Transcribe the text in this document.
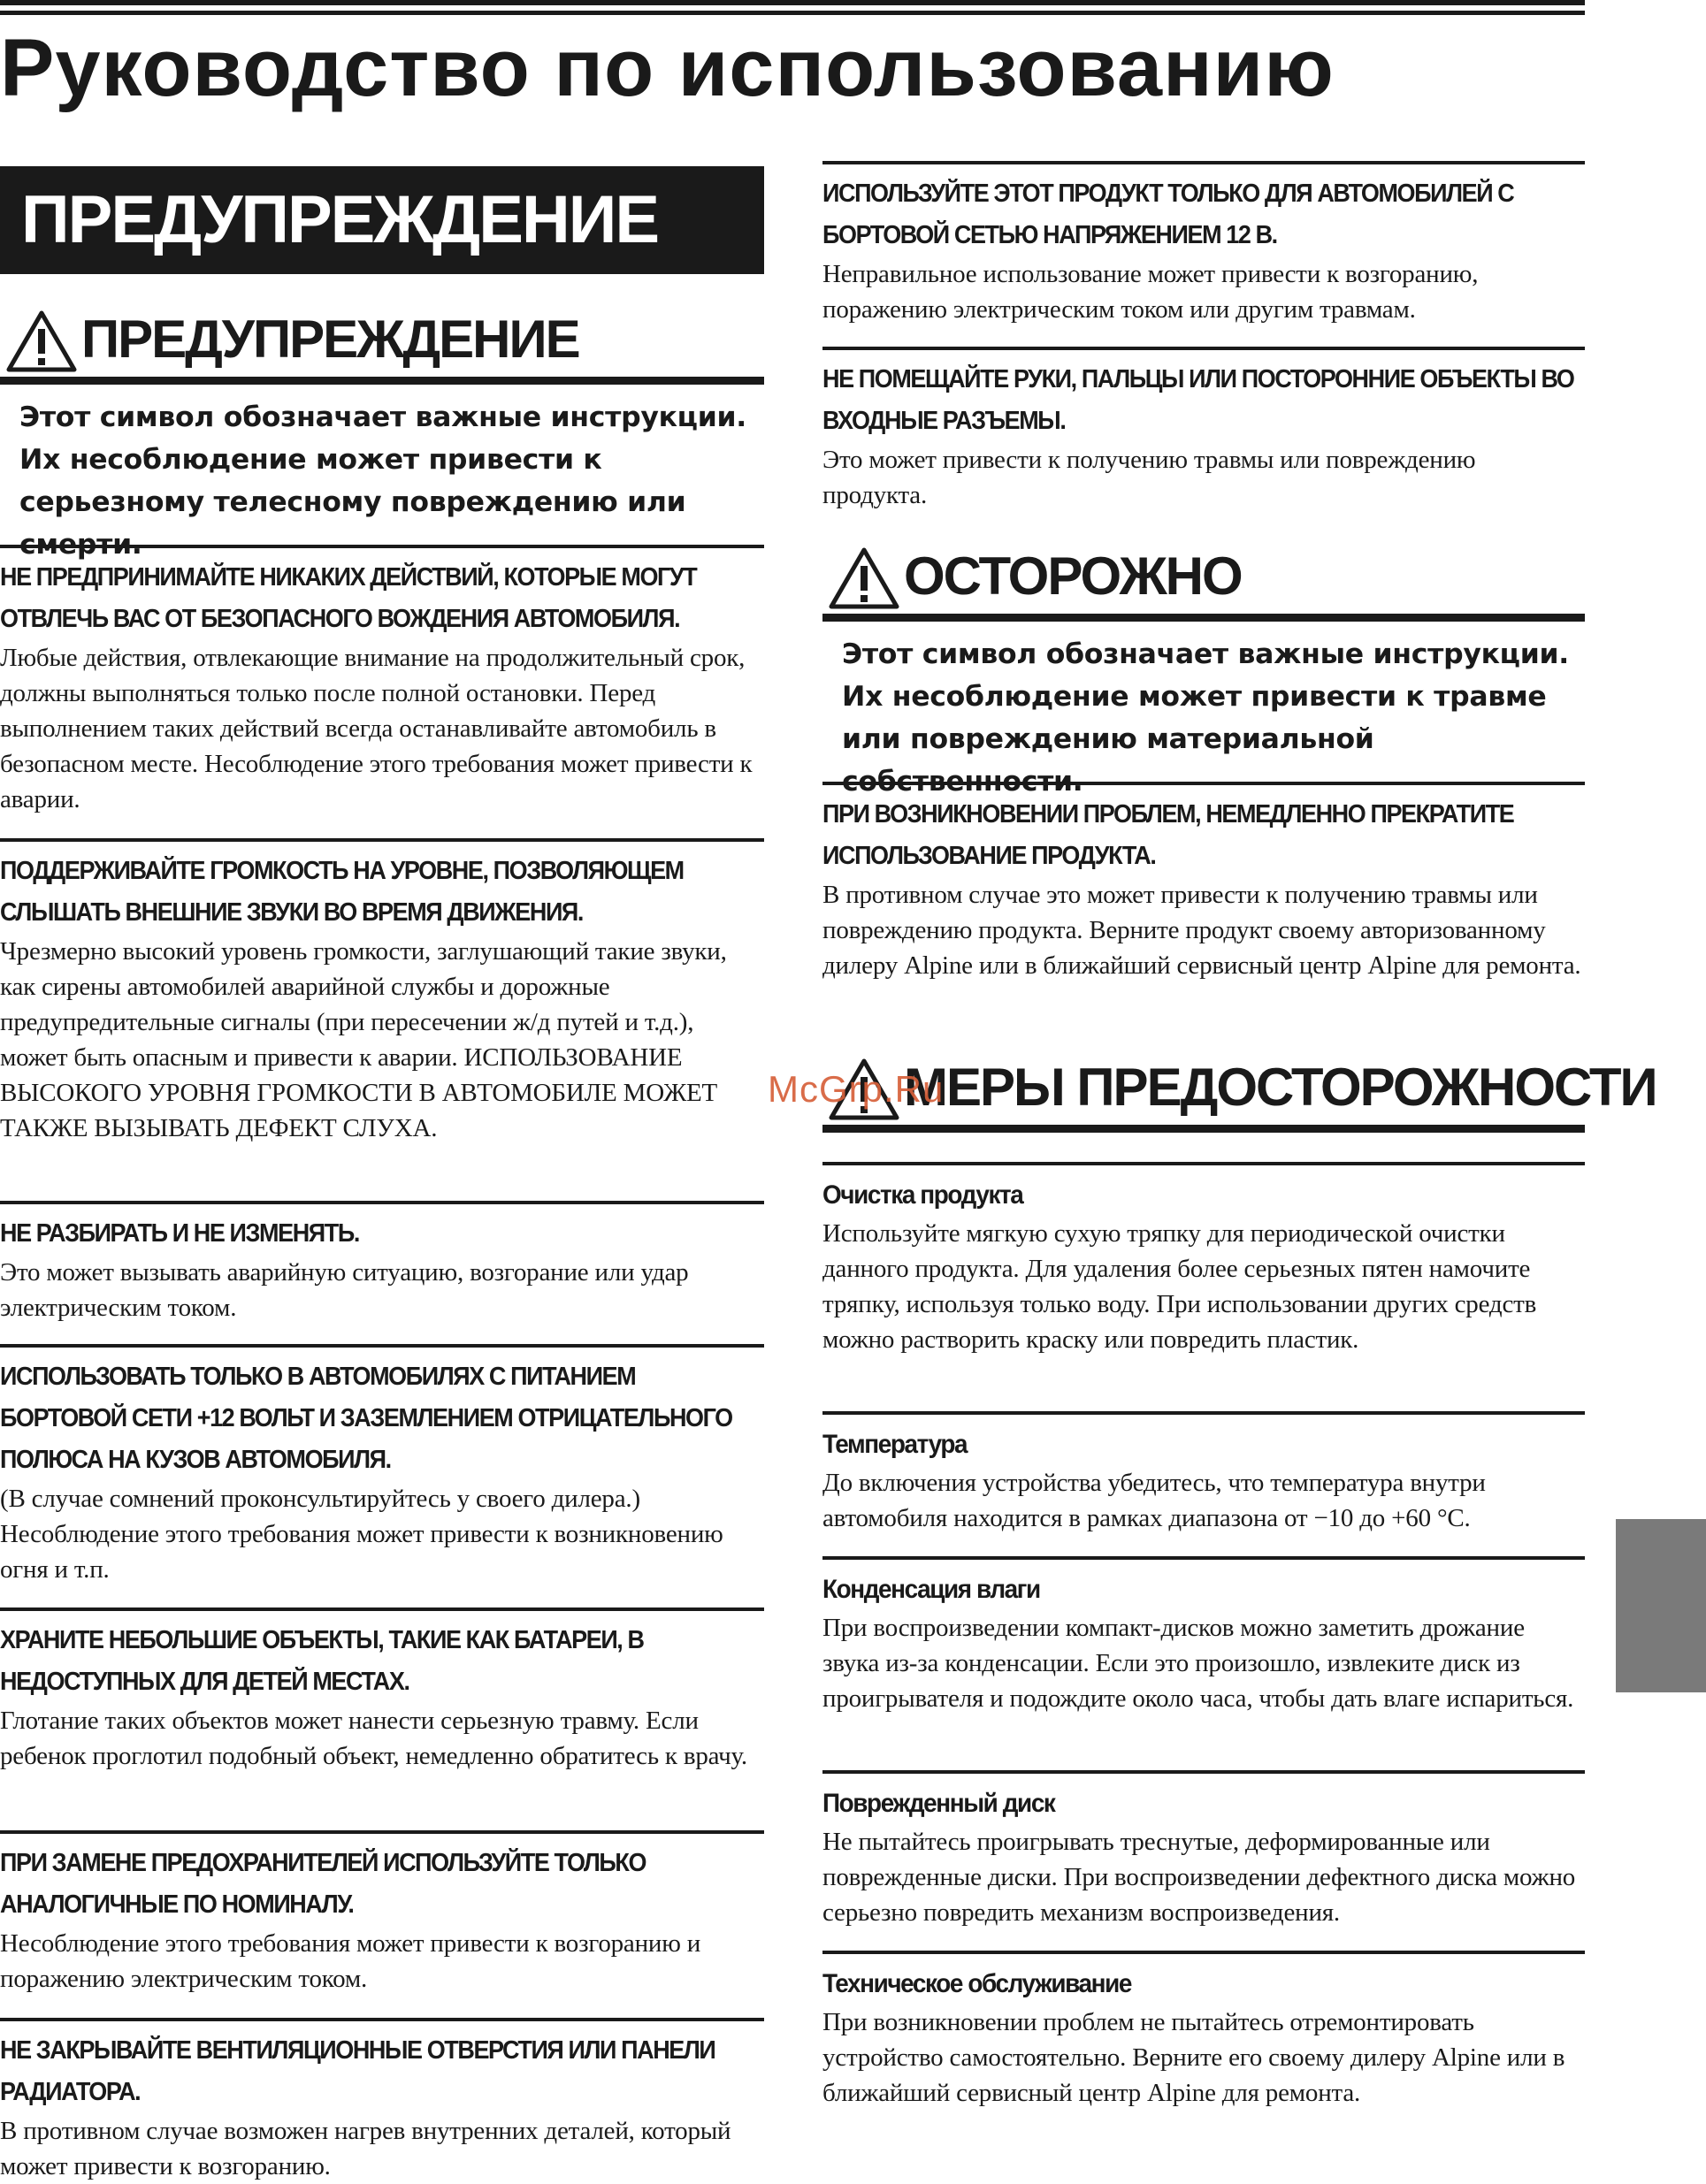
Руководство по использованию
ПРЕДУПРЕЖДЕНИЕ
ПРЕДУПРЕЖДЕНИЕ
Этот символ обозначает важные инструкции. Их несоблюдение может привести к серьезному телесному повреждению или смерти.
НЕ ПРЕДПРИНИМАЙТЕ НИКАКИХ ДЕЙСТВИЙ, КОТОРЫЕ МОГУТ ОТВЛЕЧЬ ВАС ОТ БЕЗОПАСНОГО ВОЖДЕНИЯ АВТОМОБИЛЯ.
Любые действия, отвлекающие внимание на продолжительный срок, должны выполняться только после полной остановки. Перед выполнением таких действий всегда останавливайте автомобиль в безопасном месте. Несоблюдение этого требования может привести к аварии.
ПОДДЕРЖИВАЙТЕ ГРОМКОСТЬ НА УРОВНЕ, ПОЗВОЛЯЮЩЕМ СЛЫШАТЬ ВНЕШНИЕ ЗВУКИ ВО ВРЕМЯ ДВИЖЕНИЯ.
Чрезмерно высокий уровень громкости, заглушающий такие звуки, как сирены автомобилей аварийной службы и дорожные предупредительные сигналы (при пересечении ж/д путей и т.д.), может быть опасным и привести к аварии. ИСПОЛЬЗОВАНИЕ ВЫСОКОГО УРОВНЯ ГРОМКОСТИ В АВТОМОБИЛЕ МОЖЕТ ТАКЖЕ ВЫЗЫВАТЬ ДЕФЕКТ СЛУХА.
НЕ РАЗБИРАТЬ И НЕ ИЗМЕНЯТЬ.
Это может вызывать аварийную ситуацию, возгорание или удар электрическим током.
ИСПОЛЬЗОВАТЬ ТОЛЬКО В АВТОМОБИЛЯХ С ПИТАНИЕМ БОРТОВОЙ СЕТИ +12 ВОЛЬТ И ЗАЗЕМЛЕНИЕМ ОТРИЦАТЕЛЬНОГО ПОЛЮСА НА КУЗОВ АВТОМОБИЛЯ.
(В случае сомнений проконсультируйтесь у своего дилера.) Несоблюдение этого требования может привести к возникновению огня и т.п.
ХРАНИТЕ НЕБОЛЬШИЕ ОБЪЕКТЫ, ТАКИЕ КАК БАТАРЕИ, В НЕДОСТУПНЫХ ДЛЯ ДЕТЕЙ МЕСТАХ.
Глотание таких объектов может нанести серьезную травму. Если ребенок проглотил подобный объект, немедленно обратитесь к врачу.
ПРИ ЗАМЕНЕ ПРЕДОХРАНИТЕЛЕЙ ИСПОЛЬЗУЙТЕ ТОЛЬКО АНАЛОГИЧНЫЕ ПО НОМИНАЛУ.
Несоблюдение этого требования может привести к возгоранию и поражению электрическим током.
НЕ ЗАКРЫВАЙТЕ ВЕНТИЛЯЦИОННЫЕ ОТВЕРСТИЯ ИЛИ ПАНЕЛИ РАДИАТОРА.
В противном случае возможен нагрев внутренних деталей, который может привести к возгоранию.
ИСПОЛЬЗУЙТЕ ЭТОТ ПРОДУКТ ТОЛЬКО ДЛЯ АВТОМОБИЛЕЙ С БОРТОВОЙ СЕТЬЮ НАПРЯЖЕНИЕМ 12 В.
Неправильное использование может привести к возгоранию, поражению электрическим током или другим травмам.
НЕ ПОМЕЩАЙТЕ РУКИ, ПАЛЬЦЫ ИЛИ ПОСТОРОННИЕ ОБЪЕКТЫ ВО ВХОДНЫЕ РАЗЪЕМЫ.
Это может привести к получению травмы или повреждению продукта.
ОСТОРОЖНО
Этот символ обозначает важные инструкции. Их несоблюдение может привести к травме или повреждению материальной собственности.
ПРИ ВОЗНИКНОВЕНИИ ПРОБЛЕМ, НЕМЕДЛЕННО ПРЕКРАТИТЕ ИСПОЛЬЗОВАНИЕ ПРОДУКТА.
В противном случае это может привести к получению травмы или повреждению продукта. Верните продукт своему авторизованному дилеру Alpine или в ближайший сервисный центр Alpine для ремонта.
МЕРЫ ПРЕДОСТОРОЖНОСТИ
Очистка продукта
Используйте мягкую сухую тряпку для периодической очистки данного продукта. Для удаления более серьезных пятен намочите тряпку, используя только воду. При использовании других средств можно растворить краску или повредить пластик.
Температура
До включения устройства убедитесь, что температура внутри автомобиля находится в рамках диапазона от −10 до +60 °C.
Конденсация влаги
При воспроизведении компакт-дисков можно заметить дрожание звука из-за конденсации. Если это произошло, извлеките диск из проигрывателя и подождите около часа, чтобы дать влаге испариться.
Поврежденный диск
Не пытайтесь проигрывать треснутые, деформированные или поврежденные диски. При воспроизведении дефектного диска можно серьезно повредить механизм воспроизведения.
Техническое обслуживание
При возникновении проблем не пытайтесь отремонтировать устройство самостоятельно. Верните его своему дилеру Alpine или в ближайший сервисный центр Alpine для ремонта.
McGrp.Ru
